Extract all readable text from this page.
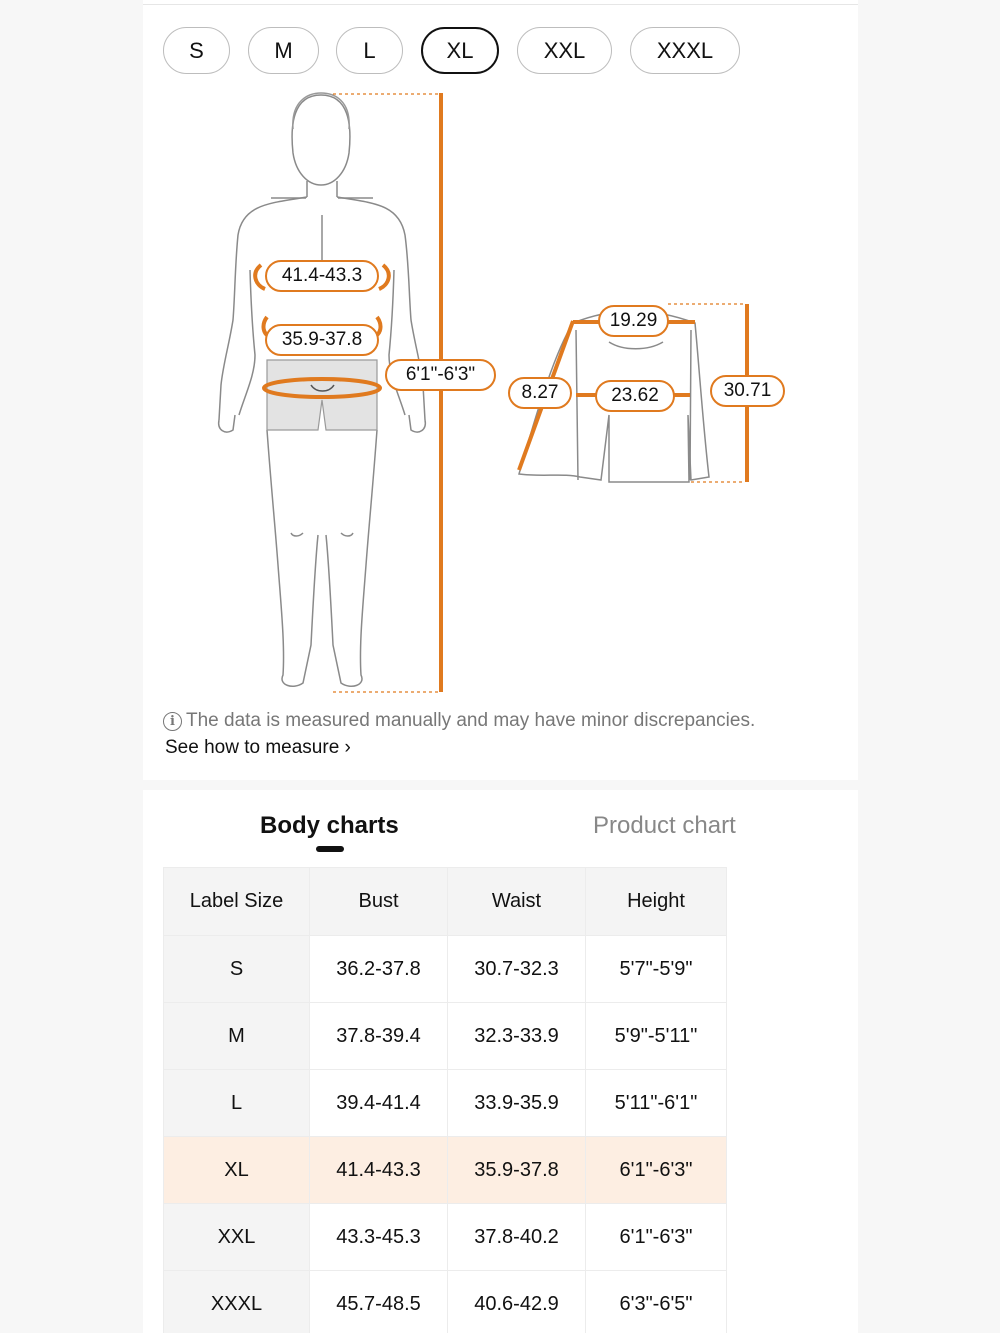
S	M	L	XL	XXL	XXXL
41.4-43.3
35.9-37.8
6'1"-6'3"
19.29
8.27	23.62	30.71
i The data is measured manually and may have minor discrepancies.
See how to measure ›
Body charts	Product chart
Label Size	Bust	Waist	Height
S	36.2-37.8	30.7-32.3	5'7"-5'9"
M	37.8-39.4	32.3-33.9	5'9"-5'11"
L	39.4-41.4	33.9-35.9	5'11"-6'1"
XL	41.4-43.3	35.9-37.8	6'1"-6'3"
XXL	43.3-45.3	37.8-40.2	6'1"-6'3"
XXXL	45.7-48.5	40.6-42.9	6'3"-6'5"
